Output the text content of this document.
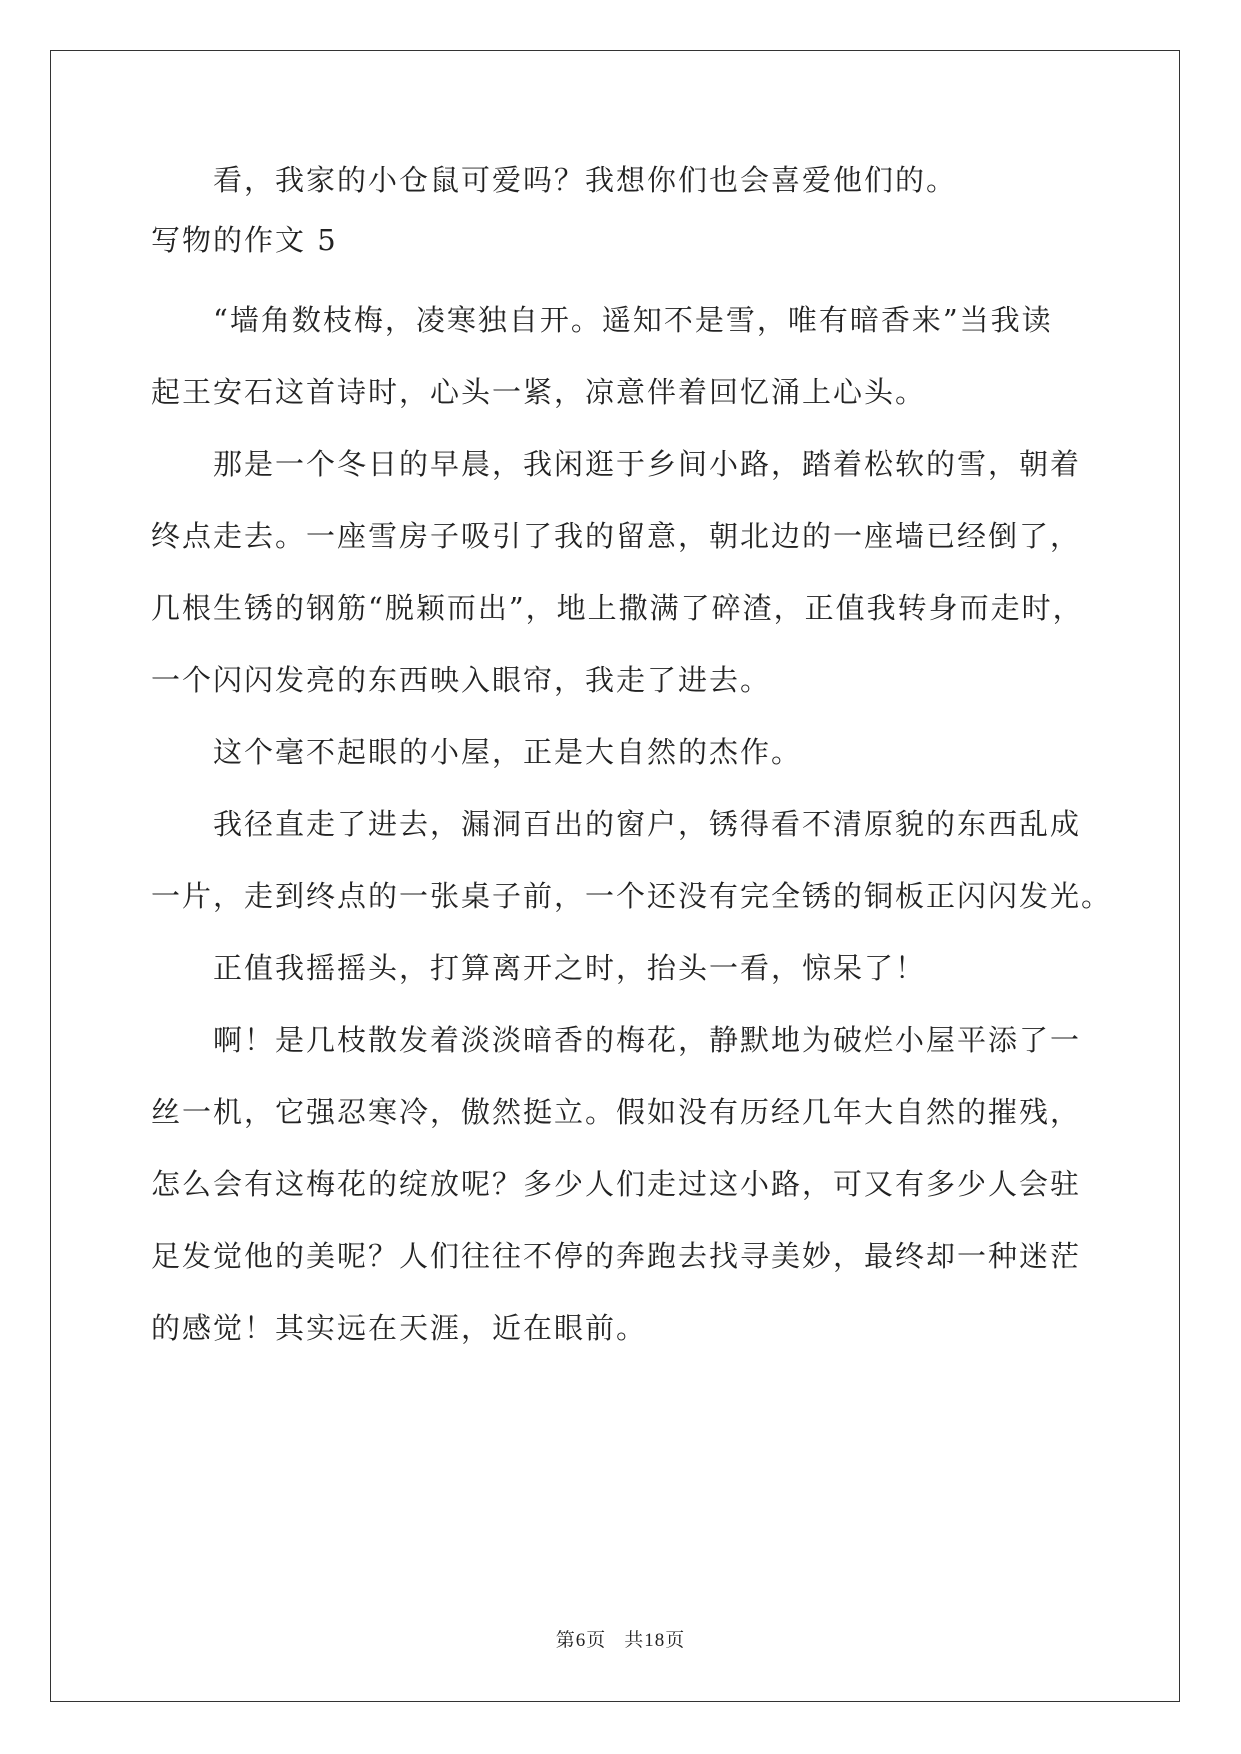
看，我家的小仓鼠可爱吗？我想你们也会喜爱他们的。
写物的作文 5
“墙角数枝梅，凌寒独自开。遥知不是雪，唯有暗香来”当我读
起王安石这首诗时，心头一紧，凉意伴着回忆涌上心头。
那是一个冬日的早晨，我闲逛于乡间小路，踏着松软的雪，朝着
终点走去。一座雪房子吸引了我的留意，朝北边的一座墙已经倒了，
几根生锈的钢筋“脱颖而出”，地上撒满了碎渣，正值我转身而走时，
一个闪闪发亮的东西映入眼帘，我走了进去。
这个毫不起眼的小屋，正是大自然的杰作。
我径直走了进去，漏洞百出的窗户，锈得看不清原貌的东西乱成
一片，走到终点的一张桌子前，一个还没有完全锈的铜板正闪闪发光。
正值我摇摇头，打算离开之时，抬头一看，惊呆了！
啊！是几枝散发着淡淡暗香的梅花，静默地为破烂小屋平添了一
丝一机，它强忍寒冷，傲然挺立。假如没有历经几年大自然的摧残，
怎么会有这梅花的绽放呢？多少人们走过这小路，可又有多少人会驻
足发觉他的美呢？人们往往不停的奔跑去找寻美妙，最终却一种迷茫
的感觉！其实远在天涯，近在眼前。
第6页 共18页
